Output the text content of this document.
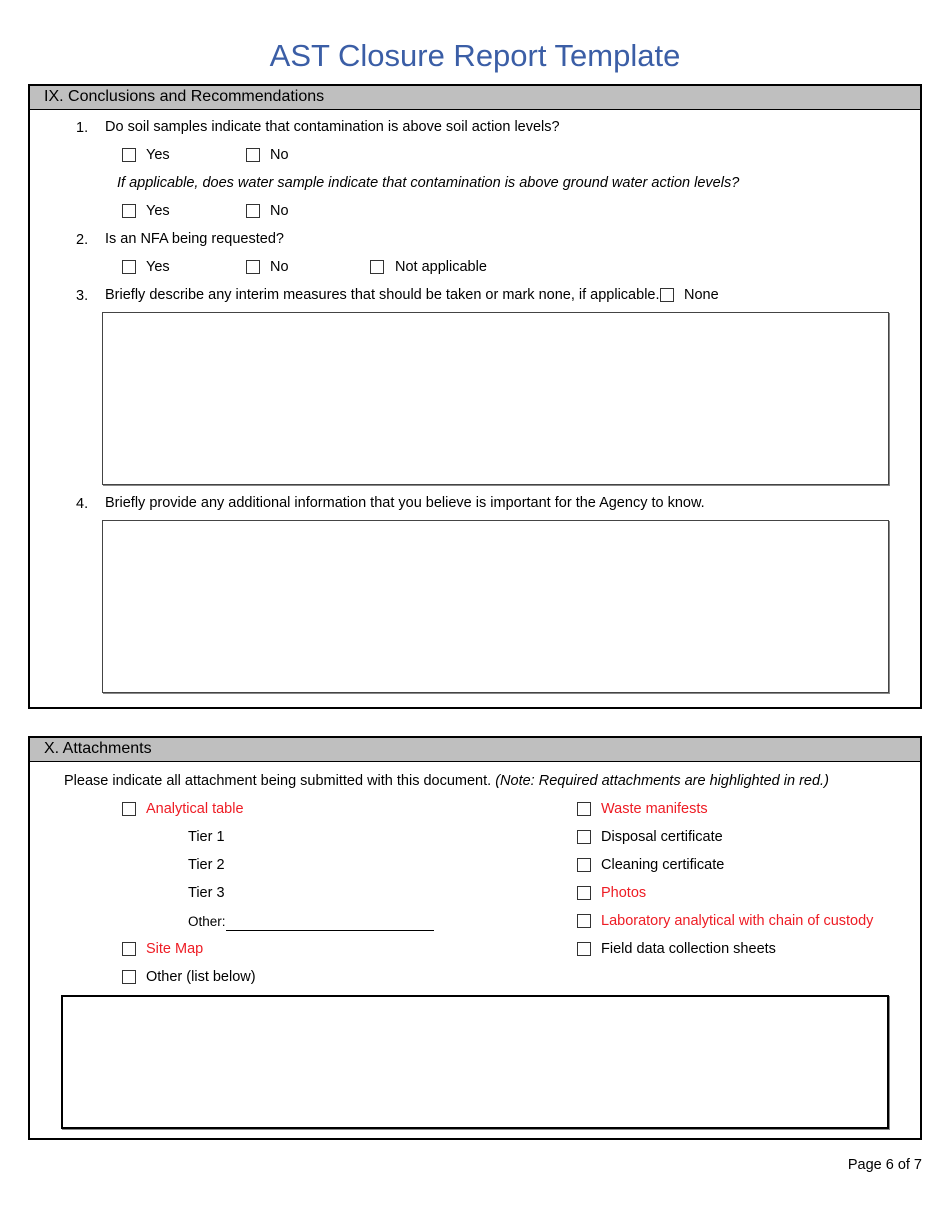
AST Closure Report Template
IX. Conclusions and Recommendations
1. Do soil samples indicate that contamination is above soil action levels?
Yes	No
If applicable, does water sample indicate that contamination is above ground water action levels?
Yes	No
2. Is an NFA being requested?
Yes	No	Not applicable
3. Briefly describe any interim measures that should be taken or mark none, if applicable. None
4. Briefly provide any additional information that you believe is important for the Agency to know.
X. Attachments
Please indicate all attachment being submitted with this document. (Note: Required attachments are highlighted in red.)
Analytical table
Tier 1
Tier 2
Tier 3
Other:
Site Map
Other (list below)
Waste manifests
Disposal certificate
Cleaning certificate
Photos
Laboratory analytical with chain of custody
Field data collection sheets
Page 6 of 7
